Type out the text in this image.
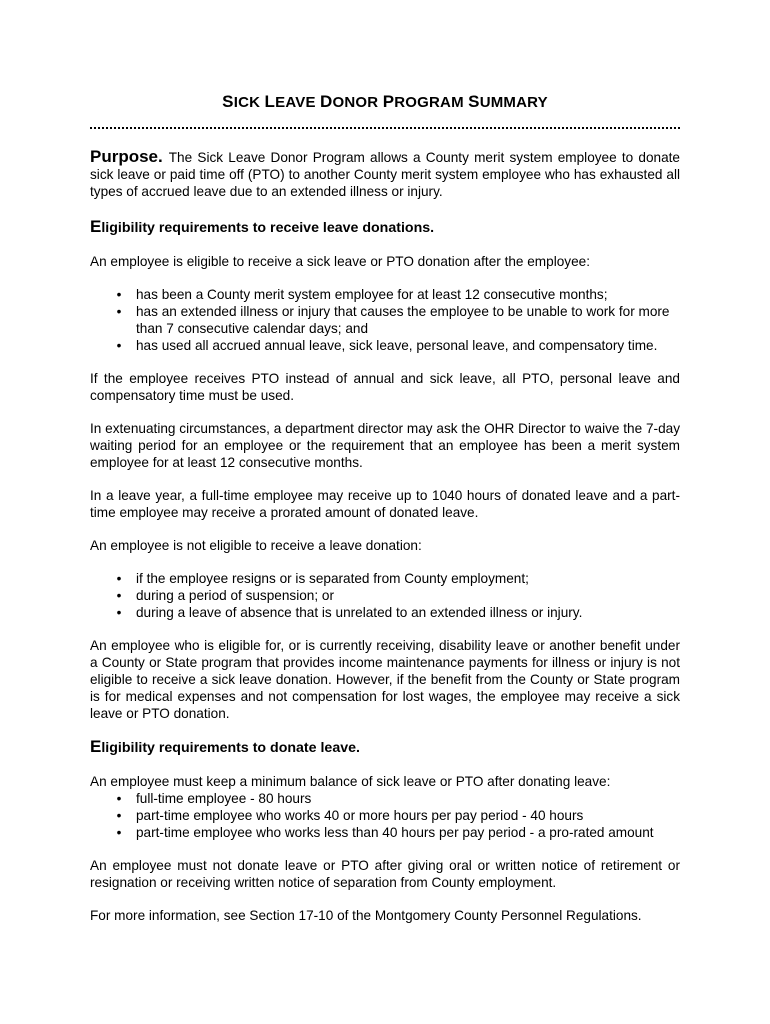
SICK LEAVE DONOR PROGRAM SUMMARY

Purpose. The Sick Leave Donor Program allows a County merit system employee to donate sick leave or paid time off (PTO) to another County merit system employee who has exhausted all types of accrued leave due to an extended illness or injury.

Eligibility requirements to receive leave donations.

An employee is eligible to receive a sick leave or PTO donation after the employee:

• has been a County merit system employee for at least 12 consecutive months;
• has an extended illness or injury that causes the employee to be unable to work for more than 7 consecutive calendar days; and
• has used all accrued annual leave, sick leave, personal leave, and compensatory time.

If the employee receives PTO instead of annual and sick leave, all PTO, personal leave and compensatory time must be used.

In extenuating circumstances, a department director may ask the OHR Director to waive the 7-day waiting period for an employee or the requirement that an employee has been a merit system employee for at least 12 consecutive months.

In a leave year, a full-time employee may receive up to 1040 hours of donated leave and a part-time employee may receive a prorated amount of donated leave.

An employee is not eligible to receive a leave donation:

• if the employee resigns or is separated from County employment;
• during a period of suspension; or
• during a leave of absence that is unrelated to an extended illness or injury.

An employee who is eligible for, or is currently receiving, disability leave or another benefit under a County or State program that provides income maintenance payments for illness or injury is not eligible to receive a sick leave donation. However, if the benefit from the County or State program is for medical expenses and not compensation for lost wages, the employee may receive a sick leave or PTO donation.

Eligibility requirements to donate leave.

An employee must keep a minimum balance of sick leave or PTO after donating leave:

• full-time employee - 80 hours
• part-time employee who works 40 or more hours per pay period - 40 hours
• part-time employee who works less than 40 hours per pay period - a pro-rated amount

An employee must not donate leave or PTO after giving oral or written notice of retirement or resignation or receiving written notice of separation from County employment.

For more information, see Section 17-10 of the Montgomery County Personnel Regulations.
